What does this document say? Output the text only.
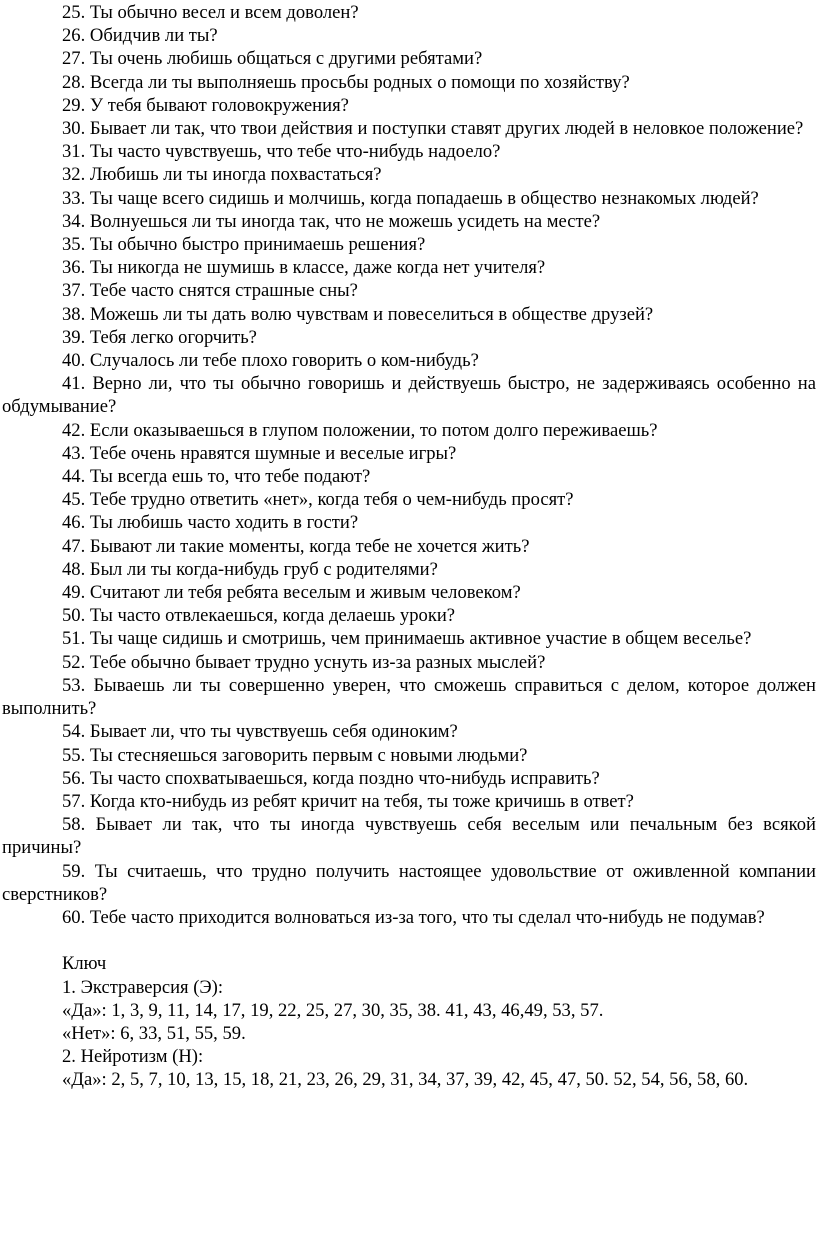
25. Ты обычно весел и всем доволен?

26. Обидчив ли ты?

27. Ты очень любишь общаться с другими ребятами?

28. Всегда ли ты выполняешь просьбы родных о помощи по хозяйству?

29. У тебя бывают головокружения?

30. Бывает ли так, что твои действия и поступки ставят других людей в неловкое положение?

31. Ты часто чувствуешь, что тебе что-нибудь надоело?

32. Любишь ли ты иногда похвастаться?

33. Ты чаще всего сидишь и молчишь, когда попадаешь в общество незнакомых людей?

34. Волнуешься ли ты иногда так, что не можешь усидеть на месте?

35. Ты обычно быстро принимаешь решения?

36. Ты никогда не шумишь в классе, даже когда нет учителя?

37. Тебе часто снятся страшные сны?

38. Можешь ли ты дать волю чувствам и повеселиться в обществе друзей?

39. Тебя легко огорчить?

40. Случалось ли тебе плохо говорить о ком-нибудь?

41. Верно ли, что ты обычно говоришь и действуешь быстро, не задерживаясь особенно на обдумывание?

42. Если оказываешься в глупом положении, то потом долго переживаешь?

43. Тебе очень нравятся шумные и веселые игры?

44. Ты всегда ешь то, что тебе подают?

45. Тебе трудно ответить «нет», когда тебя о чем-нибудь просят?

46. Ты любишь часто ходить в гости?

47. Бывают ли такие моменты, когда тебе не хочется жить?

48. Был ли ты когда-нибудь груб с родителями?

49. Считают ли тебя ребята веселым и живым человеком?

50. Ты часто отвлекаешься, когда делаешь уроки?

51. Ты чаще сидишь и смотришь, чем принимаешь активное участие в общем веселье?

52. Тебе обычно бывает трудно уснуть из-за разных мыслей?

53. Бываешь ли ты совершенно уверен, что сможешь справиться с делом, которое должен выполнить?

54. Бывает ли, что ты чувствуешь себя одиноким?

55. Ты стесняешься заговорить первым с новыми людьми?

56. Ты часто спохватываешься, когда поздно что-нибудь исправить?

57. Когда кто-нибудь из ребят кричит на тебя, ты тоже кричишь в ответ?

58. Бывает ли так, что ты иногда чувствуешь себя веселым или печальным без всякой причины?

59. Ты считаешь, что трудно получить настоящее удовольствие от оживленной компании сверстников?

60. Тебе часто приходится волноваться из-за того, что ты сделал что-нибудь не подумав?

Ключ

1. Экстраверсия (Э):

«Да»: 1, 3, 9, 11, 14, 17, 19, 22, 25, 27, 30, 35, 38. 41, 43, 46,49, 53, 57.

«Нет»: 6, 33, 51, 55, 59.

2. Нейротизм (Н):

«Да»: 2, 5, 7, 10, 13, 15, 18, 21, 23, 26, 29, 31, 34, 37, 39, 42, 45, 47, 50. 52, 54, 56, 58, 60.
